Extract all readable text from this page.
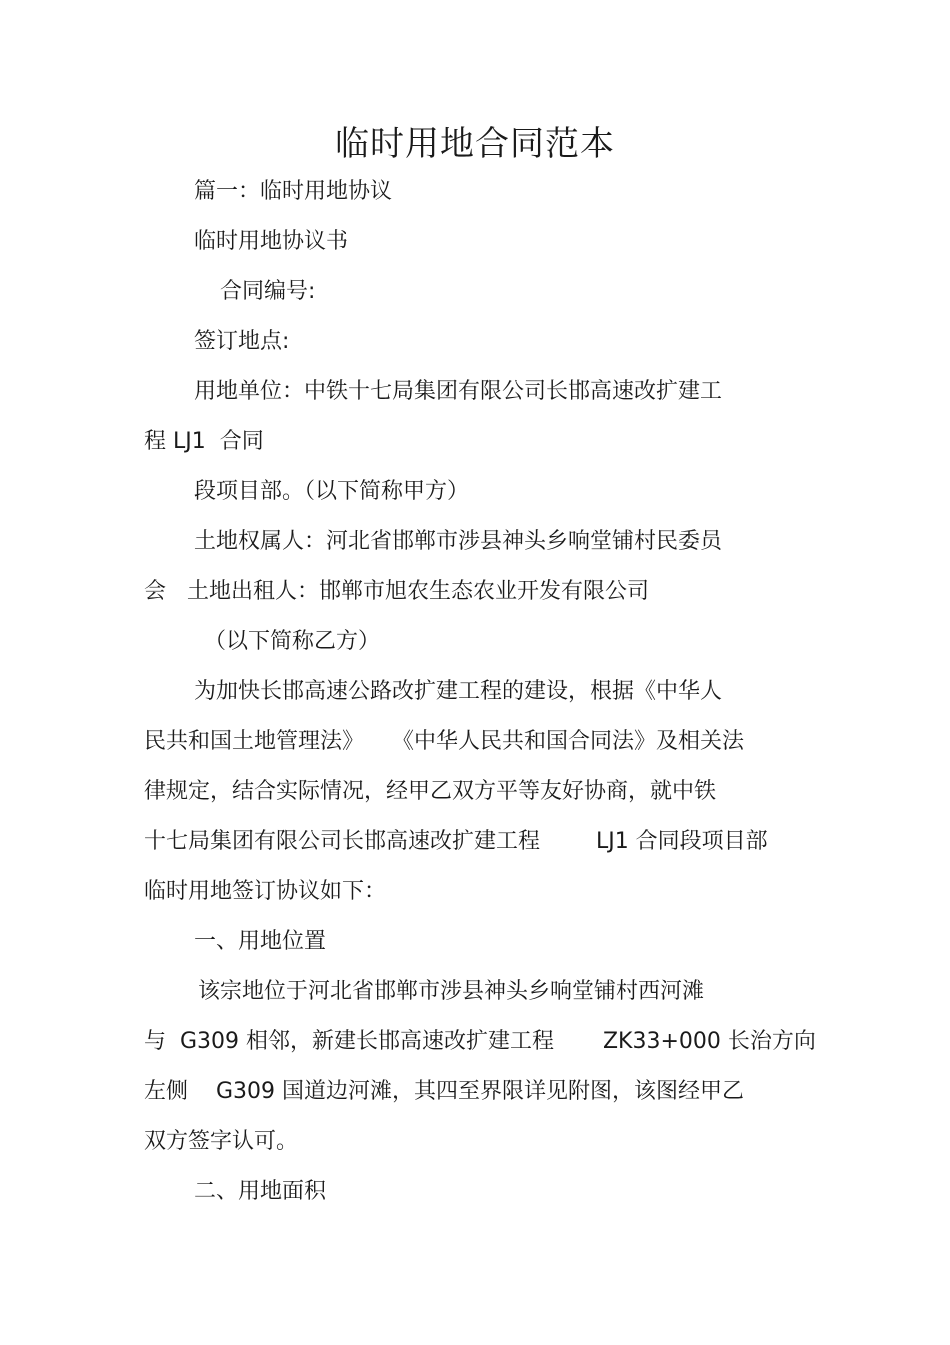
临时用地合同范本

篇一：临时用地协议

临时用地协议书

合同编号:

签订地点:

用地单位：中铁十七局集团有限公司长邯高速改扩建工

程 LJ1  合同

段项目部。（以下简称甲方）

土地权属人：河北省邯郸市涉县神头乡响堂铺村民委员

会   土地出租人：邯郸市旭农生态农业开发有限公司

（以下简称乙方）

为加快长邯高速公路改扩建工程的建设，根据《中华人

民共和国土地管理法》    《中华人民共和国合同法》及相关法

律规定，结合实际情况，经甲乙双方平等友好协商，就中铁

十七局集团有限公司长邯高速改扩建工程        LJ1 合同段项目部

临时用地签订协议如下：

一、用地位置

该宗地位于河北省邯郸市涉县神头乡响堂铺村西河滩

与  G309 相邻，新建长邯高速改扩建工程       ZK33+000 长治方向

左侧    G309 国道边河滩，其四至界限详见附图，该图经甲乙

双方签字认可。

二、用地面积
